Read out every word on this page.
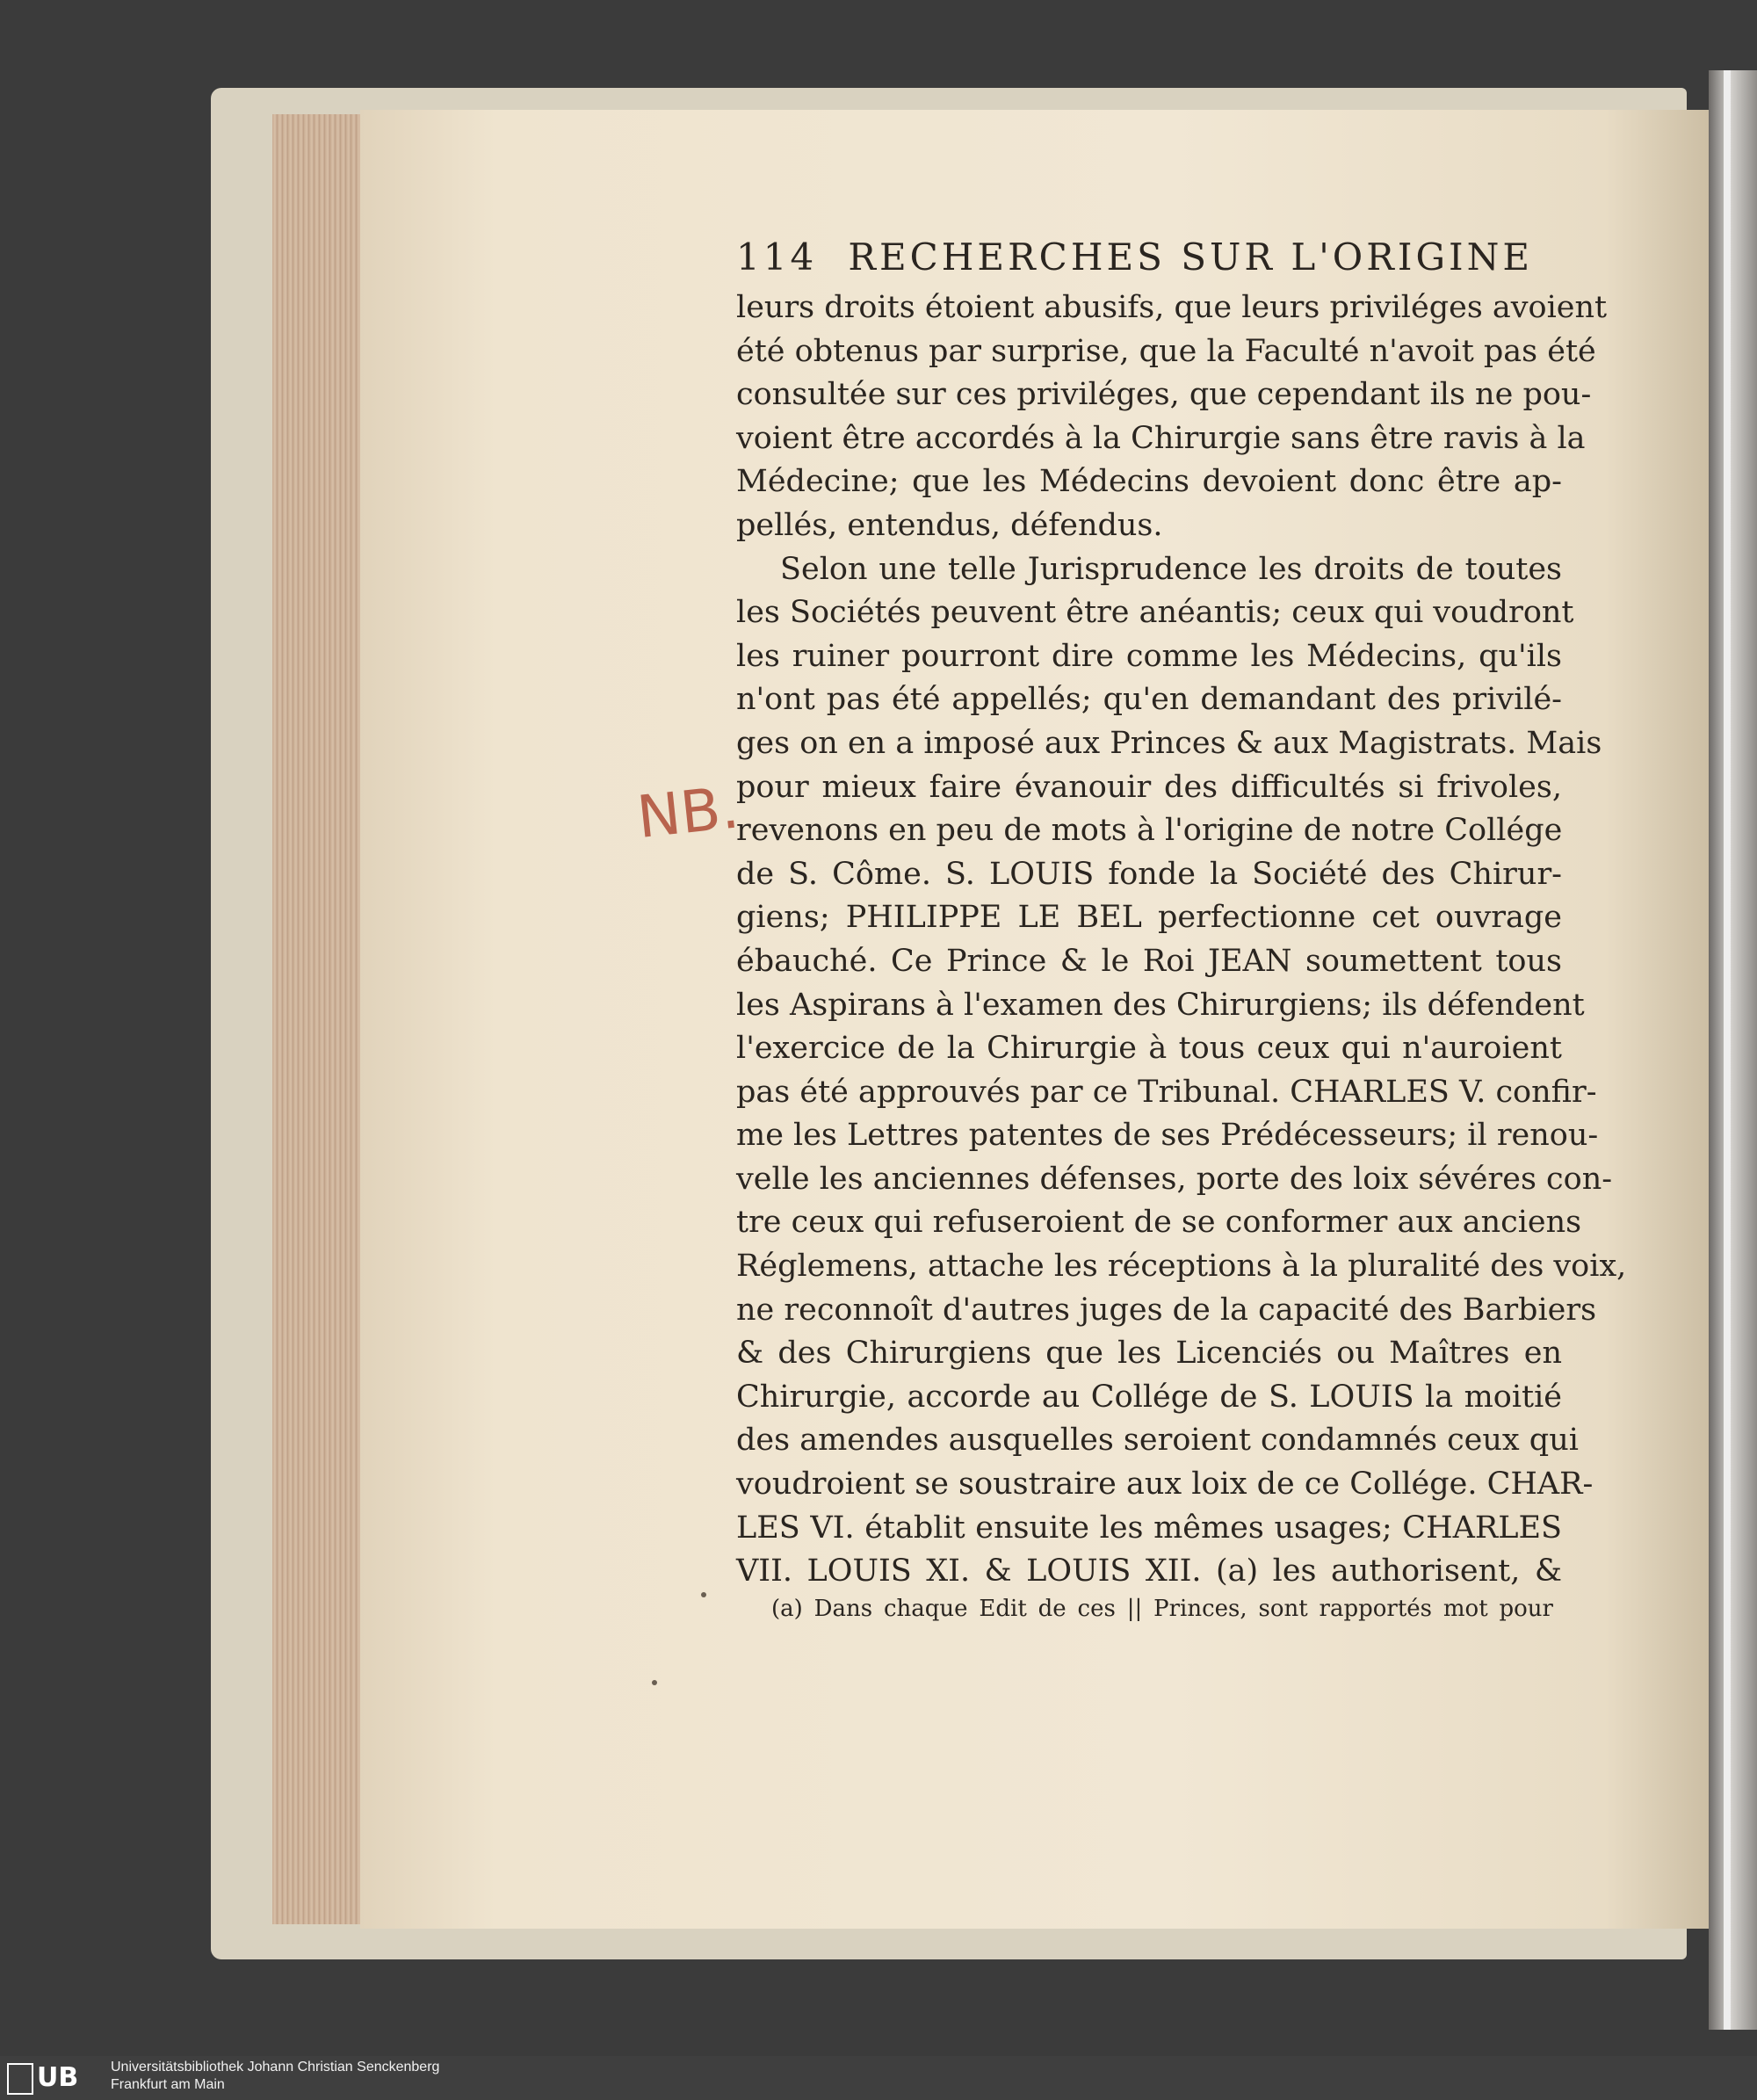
114 RECHERCHES SUR L'ORIGINE
leurs droits étoient abusifs, que leurs priviléges avoient
été obtenus par surprise, que la Faculté n'avoit pas été
consultée sur ces priviléges, que cependant ils ne pou-
voient être accordés à la Chirurgie sans être ravis à la
Médecine; que les Médecins devoient donc être ap-
pellés, entendus, défendus.
Selon une telle Jurisprudence les droits de toutes
les Sociétés peuvent être anéantis; ceux qui voudront
les ruiner pourront dire comme les Médecins, qu'ils
n'ont pas été appellés; qu'en demandant des privilé-
ges on en a imposé aux Princes & aux Magistrats. Mais
pour mieux faire évanouir des difficultés si frivoles,
revenons en peu de mots à l'origine de notre Collége
de S. Côme. S. LOUIS fonde la Société des Chirur-
giens; PHILIPPE LE BEL perfectionne cet ouvrage
ébauché. Ce Prince & le Roi JEAN soumettent tous
les Aspirans à l'examen des Chirurgiens; ils défendent
l'exercice de la Chirurgie à tous ceux qui n'auroient
pas été approuvés par ce Tribunal. CHARLES V. confir-
me les Lettres patentes de ses Prédécesseurs; il renou-
velle les anciennes défenses, porte des loix sévéres con-
tre ceux qui refuseroient de se conformer aux anciens
Réglemens, attache les réceptions à la pluralité des voix,
ne reconnoît d'autres juges de la capacité des Barbiers
& des Chirurgiens que les Licenciés ou Maîtres en
Chirurgie, accorde au Collége de S. LOUIS la moitié
des amendes ausquelles seroient condamnés ceux qui
voudroient se soustraire aux loix de ce Collége. CHAR-
LES VI. établit ensuite les mêmes usages; CHARLES
VII. LOUIS XI. & LOUIS XII. (a) les authorisent, &
(a) Dans chaque Edit de ces || Princes, sont rapportés mot pour
NB.
UB	Universitätsbibliothek Johann Christian Senckenberg
Frankfurt am Main
